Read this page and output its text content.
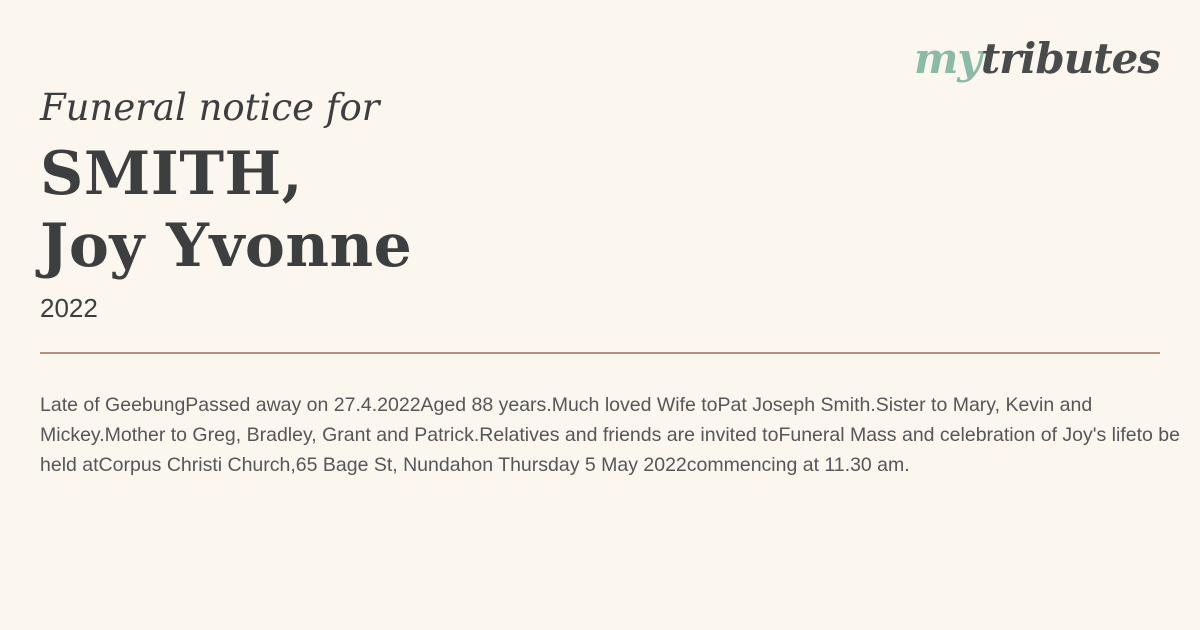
mytributes
Funeral notice for
SMITH,
Joy Yvonne
2022

Late of GeebungPassed away on 27.4.2022Aged 88 years.Much loved Wife toPat Joseph Smith.Sister to Mary, Kevin and Mickey.Mother to Greg, Bradley, Grant and Patrick.Relatives and friends are invited toFuneral Mass and celebration of Joy's lifeto be held atCorpus Christi Church,65 Bage St, Nundahon Thursday 5 May 2022commencing at 11.30 am.
